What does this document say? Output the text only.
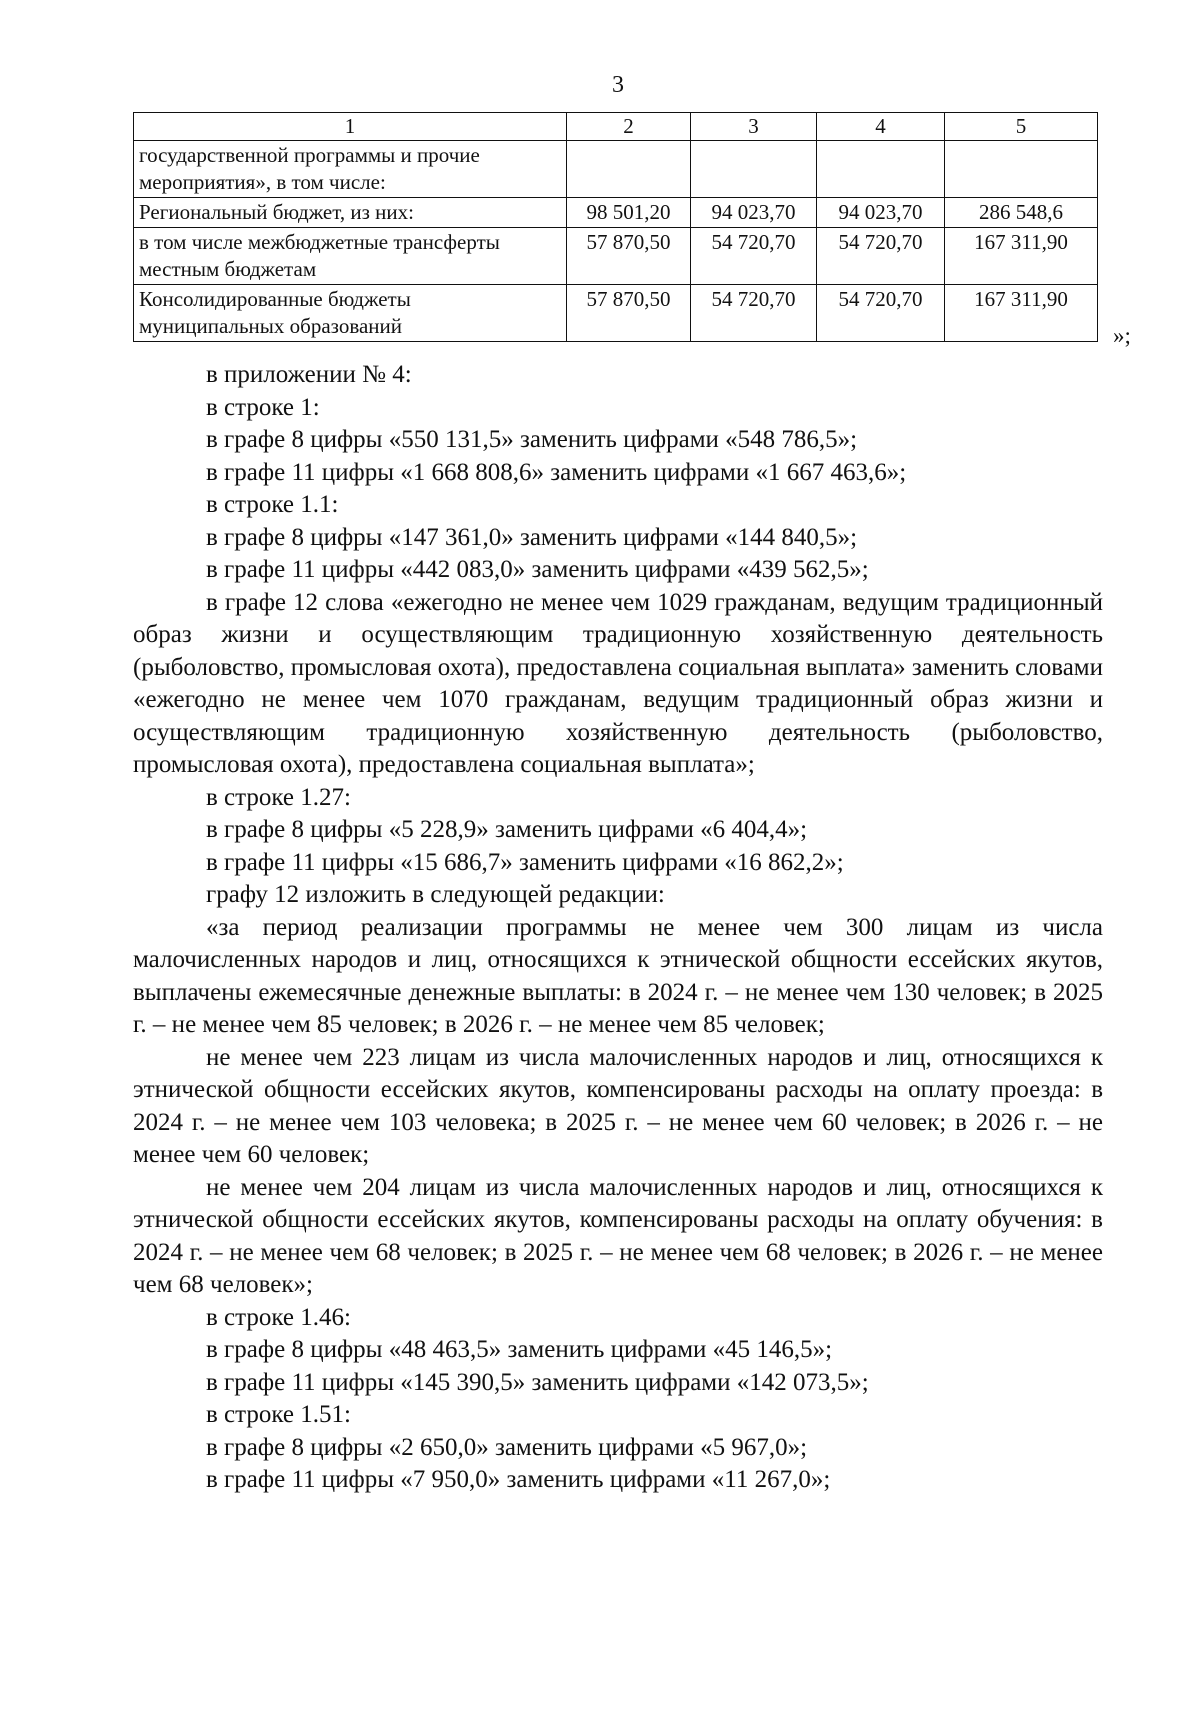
3
1	2	3	4	5
государственной программы и прочие мероприятия», в том числе:				
Региональный бюджет, из них:	98 501,20	94 023,70	94 023,70	286 548,6
в том числе межбюджетные трансферты местным бюджетам	57 870,50	54 720,70	54 720,70	167 311,90
Консолидированные бюджеты муниципальных образований	57 870,50	54 720,70	54 720,70	167 311,90
»;

в приложении № 4:

в строке 1:

в графе 8 цифры «550 131,5» заменить цифрами «548 786,5»;

в графе 11 цифры «1 668 808,6» заменить цифрами «1 667 463,6»;

в строке 1.1:

в графе 8 цифры «147 361,0» заменить цифрами «144 840,5»;

в графе 11 цифры «442 083,0» заменить цифрами «439 562,5»;

в графе 12 слова «ежегодно не менее чем 1029 гражданам, ведущим традиционный образ жизни и осуществляющим традиционную хозяйственную деятельность (рыболовство, промысловая охота), предоставлена социальная выплата» заменить словами «ежегодно не менее чем 1070 гражданам, ведущим традиционный образ жизни и осуществляющим традиционную хозяйственную деятельность (рыболовство, промысловая охота), предоставлена социальная выплата»;

в строке 1.27:

в графе 8 цифры «5 228,9» заменить цифрами «6 404,4»;

в графе 11 цифры «15 686,7» заменить цифрами «16 862,2»;

графу 12 изложить в следующей редакции:

«за период реализации программы не менее чем 300 лицам из числа малочисленных народов и лиц, относящихся к этнической общности ессейских якутов, выплачены ежемесячные денежные выплаты: в 2024 г. – не менее чем 130 человек; в 2025 г. – не менее чем 85 человек; в 2026 г. – не менее чем 85 человек;

не менее чем 223 лицам из числа малочисленных народов и лиц, относящихся к этнической общности ессейских якутов, компенсированы расходы на оплату проезда: в 2024 г. – не менее чем 103 человека; в 2025 г. – не менее чем 60 человек; в 2026 г. – не менее чем 60 человек;

не менее чем 204 лицам из числа малочисленных народов и лиц, относящихся к этнической общности ессейских якутов, компенсированы расходы на оплату обучения: в 2024 г. – не менее чем 68 человек; в 2025 г. – не менее чем 68 человек; в 2026 г. – не менее чем 68 человек»;

в строке 1.46:

в графе 8 цифры «48 463,5» заменить цифрами «45 146,5»;

в графе 11 цифры «145 390,5» заменить цифрами «142 073,5»;

в строке 1.51:

в графе 8 цифры «2 650,0» заменить цифрами «5 967,0»;

в графе 11 цифры «7 950,0» заменить цифрами «11 267,0»;
